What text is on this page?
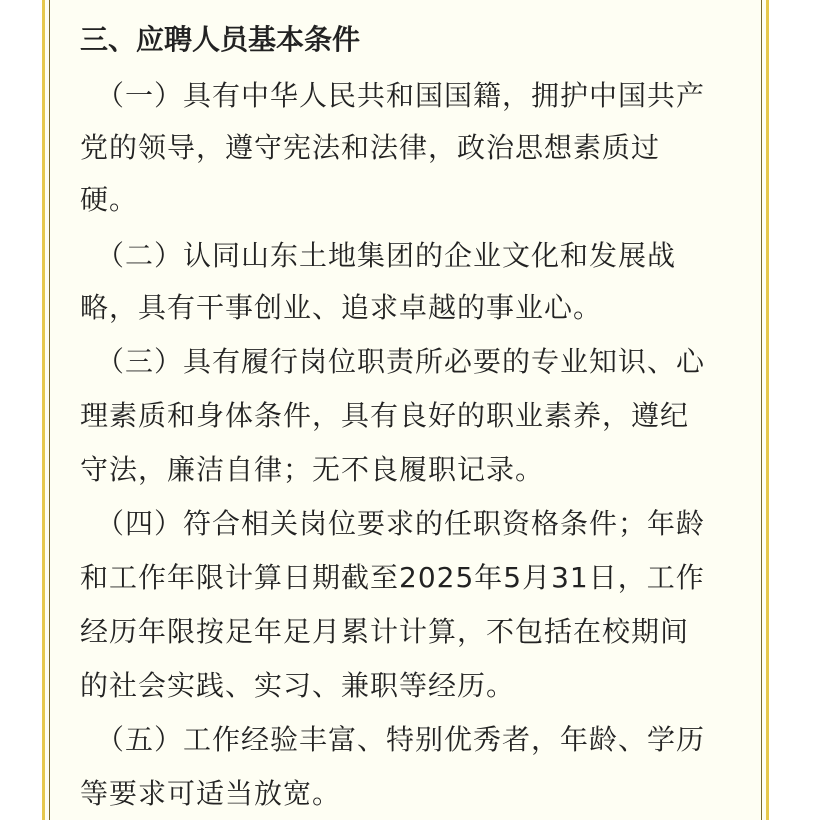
三、应聘人员基本条件
（一）具有中华人民共和国国籍，拥护中国共产
党的领导，遵守宪法和法律，政治思想素质过
硬。
（二）认同山东土地集团的企业文化和发展战
略，具有干事创业、追求卓越的事业心。
（三）具有履行岗位职责所必要的专业知识、心
理素质和身体条件，具有良好的职业素养，遵纪
守法，廉洁自律；无不良履职记录。
（四）符合相关岗位要求的任职资格条件；年龄
和工作年限计算日期截至2025年5月31日，工作
经历年限按足年足月累计计算，不包括在校期间
的社会实践、实习、兼职等经历。
（五）工作经验丰富、特别优秀者，年龄、学历
等要求可适当放宽。
